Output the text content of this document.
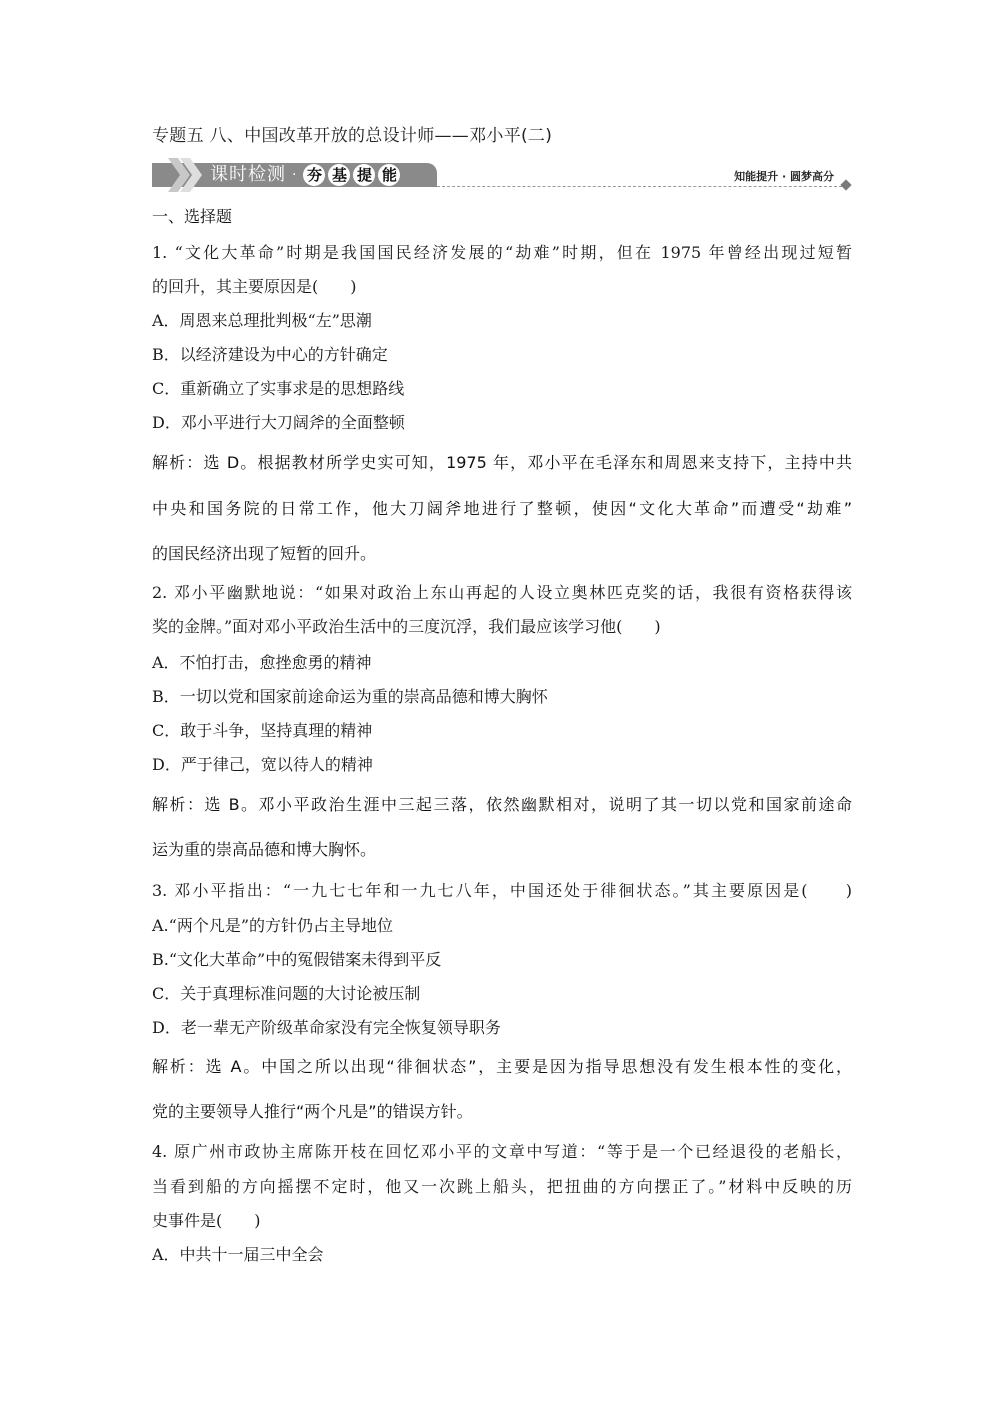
专题五 八、中国改革开放的总设计师——邓小平(二)
课时检测 · 夯 基 提 能	知能提升 · 圆梦高分
一、选择题
1. “文化大革命”时期是我国国民经济发展的“劫难”时期，但在 1975 年曾经出现过短暂
的回升，其主要原因是(　　)
A．周恩来总理批判极“左”思潮
B．以经济建设为中心的方针确定
C．重新确立了实事求是的思想路线
D．邓小平进行大刀阔斧的全面整顿
解析：选 D。根据教材所学史实可知，1975 年，邓小平在毛泽东和周恩来支持下，主持中共
中央和国务院的日常工作，他大刀阔斧地进行了整顿，使因“文化大革命”而遭受“劫难”
的国民经济出现了短暂的回升。
2. 邓小平幽默地说：“如果对政治上东山再起的人设立奥林匹克奖的话，我很有资格获得该
奖的金牌。”面对邓小平政治生活中的三度沉浮，我们最应该学习他(　　)
A．不怕打击，愈挫愈勇的精神
B．一切以党和国家前途命运为重的崇高品德和博大胸怀
C．敢于斗争，坚持真理的精神
D．严于律己，宽以待人的精神
解析：选 B。邓小平政治生涯中三起三落，依然幽默相对，说明了其一切以党和国家前途命
运为重的崇高品德和博大胸怀。
3. 邓小平指出：“一九七七年和一九七八年，中国还处于徘徊状态。”其主要原因是(　　)
A.“两个凡是”的方针仍占主导地位
B.“文化大革命”中的冤假错案未得到平反
C．关于真理标准问题的大讨论被压制
D．老一辈无产阶级革命家没有完全恢复领导职务
解析：选 A。中国之所以出现“徘徊状态”，主要是因为指导思想没有发生根本性的变化，
党的主要领导人推行“两个凡是”的错误方针。
4. 原广州市政协主席陈开枝在回忆邓小平的文章中写道：“等于是一个已经退役的老船长，
当看到船的方向摇摆不定时，他又一次跳上船头，把扭曲的方向摆正了。”材料中反映的历
史事件是(　　)
A．中共十一届三中全会
